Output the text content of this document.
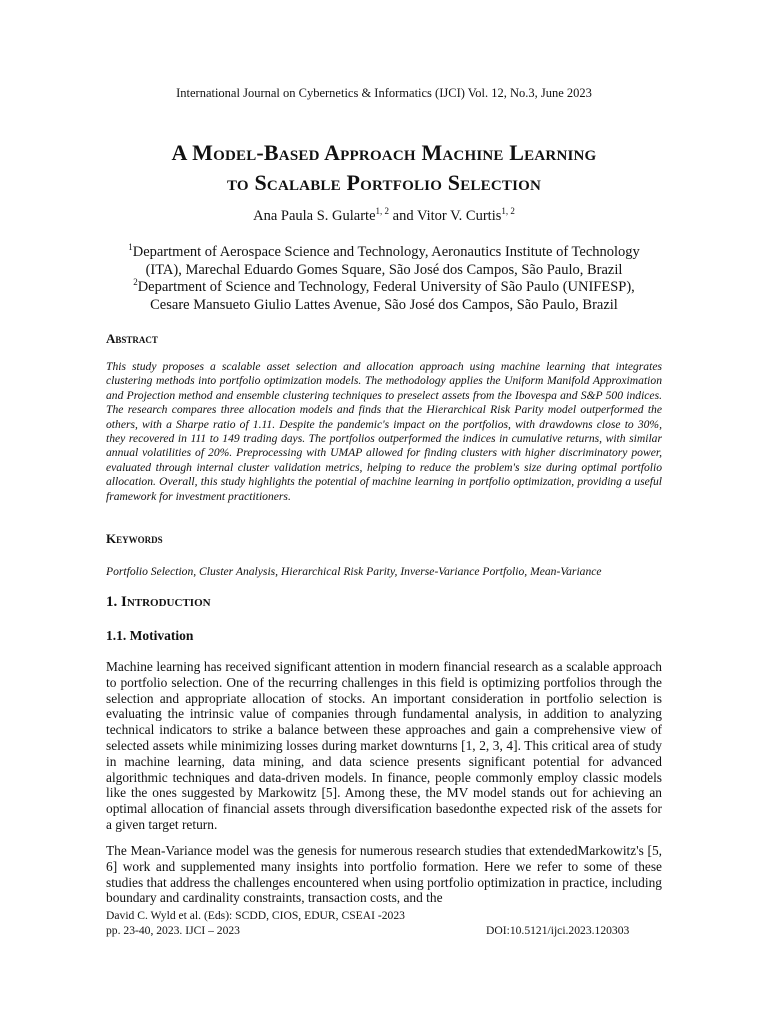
International Journal on Cybernetics & Informatics (IJCI) Vol. 12, No.3, June 2023
A Model-Based Approach Machine Learning
to Scalable Portfolio Selection
Ana Paula S. Gularte$^{1, 2}$ and Vitor V. Curtis$^{1, 2}$
$^1$Department of Aerospace Science and Technology, Aeronautics Institute of Technology
(ITA), Marechal Eduardo Gomes Square, São José dos Campos, São Paulo, Brazil
$^2$Department of Science and Technology, Federal University of São Paulo (UNIFESP),
Cesare Mansueto Giulio Lattes Avenue, São José dos Campos, São Paulo, Brazil
Abstract
This study proposes a scalable asset selection and allocation approach using machine learning that integrates clustering methods into portfolio optimization models. The methodology applies the Uniform Manifold Approximation and Projection method and ensemble clustering techniques to preselect assets from the Ibovespa and S&P 500 indices. The research compares three allocation models and finds that the Hierarchical Risk Parity model outperformed the others, with a Sharpe ratio of 1.11. Despite the pandemic's impact on the portfolios, with drawdowns close to 30%, they recovered in 111 to 149 trading days. The portfolios outperformed the indices in cumulative returns, with similar annual volatilities of 20%. Preprocessing with UMAP allowed for finding clusters with higher discriminatory power, evaluated through internal cluster validation metrics, helping to reduce the problem's size during optimal portfolio allocation. Overall, this study highlights the potential of machine learning in portfolio optimization, providing a useful framework for investment practitioners.
Keywords
Portfolio Selection, Cluster Analysis, Hierarchical Risk Parity, Inverse-Variance Portfolio, Mean-Variance
1. Introduction
1.1. Motivation
Machine learning has received significant attention in modern financial research as a scalable approach to portfolio selection. One of the recurring challenges in this field is optimizing portfolios through the selection and appropriate allocation of stocks. An important consideration in portfolio selection is evaluating the intrinsic value of companies through fundamental analysis, in addition to analyzing technical indicators to strike a balance between these approaches and gain a comprehensive view of selected assets while minimizing losses during market downturns [1, 2, 3, 4]. This critical area of study in machine learning, data mining, and data science presents significant potential for advanced algorithmic techniques and data-driven models. In finance, people commonly employ classic models like the ones suggested by Markowitz [5]. Among these, the MV model stands out for achieving an optimal allocation of financial assets through diversification basedonthe expected risk of the assets for a given target return.
The Mean-Variance model was the genesis for numerous research studies that extendedMarkowitz's [5, 6] work and supplemented many insights into portfolio formation. Here we refer to some of these studies that address the challenges encountered when using portfolio optimization in practice, including boundary and cardinality constraints, transaction costs, and the
David C. Wyld et al. (Eds): SCDD, CIOS, EDUR, CSEAI -2023
pp. 23-40, 2023. IJCI – 2023	DOI:10.5121/ijci.2023.120303
